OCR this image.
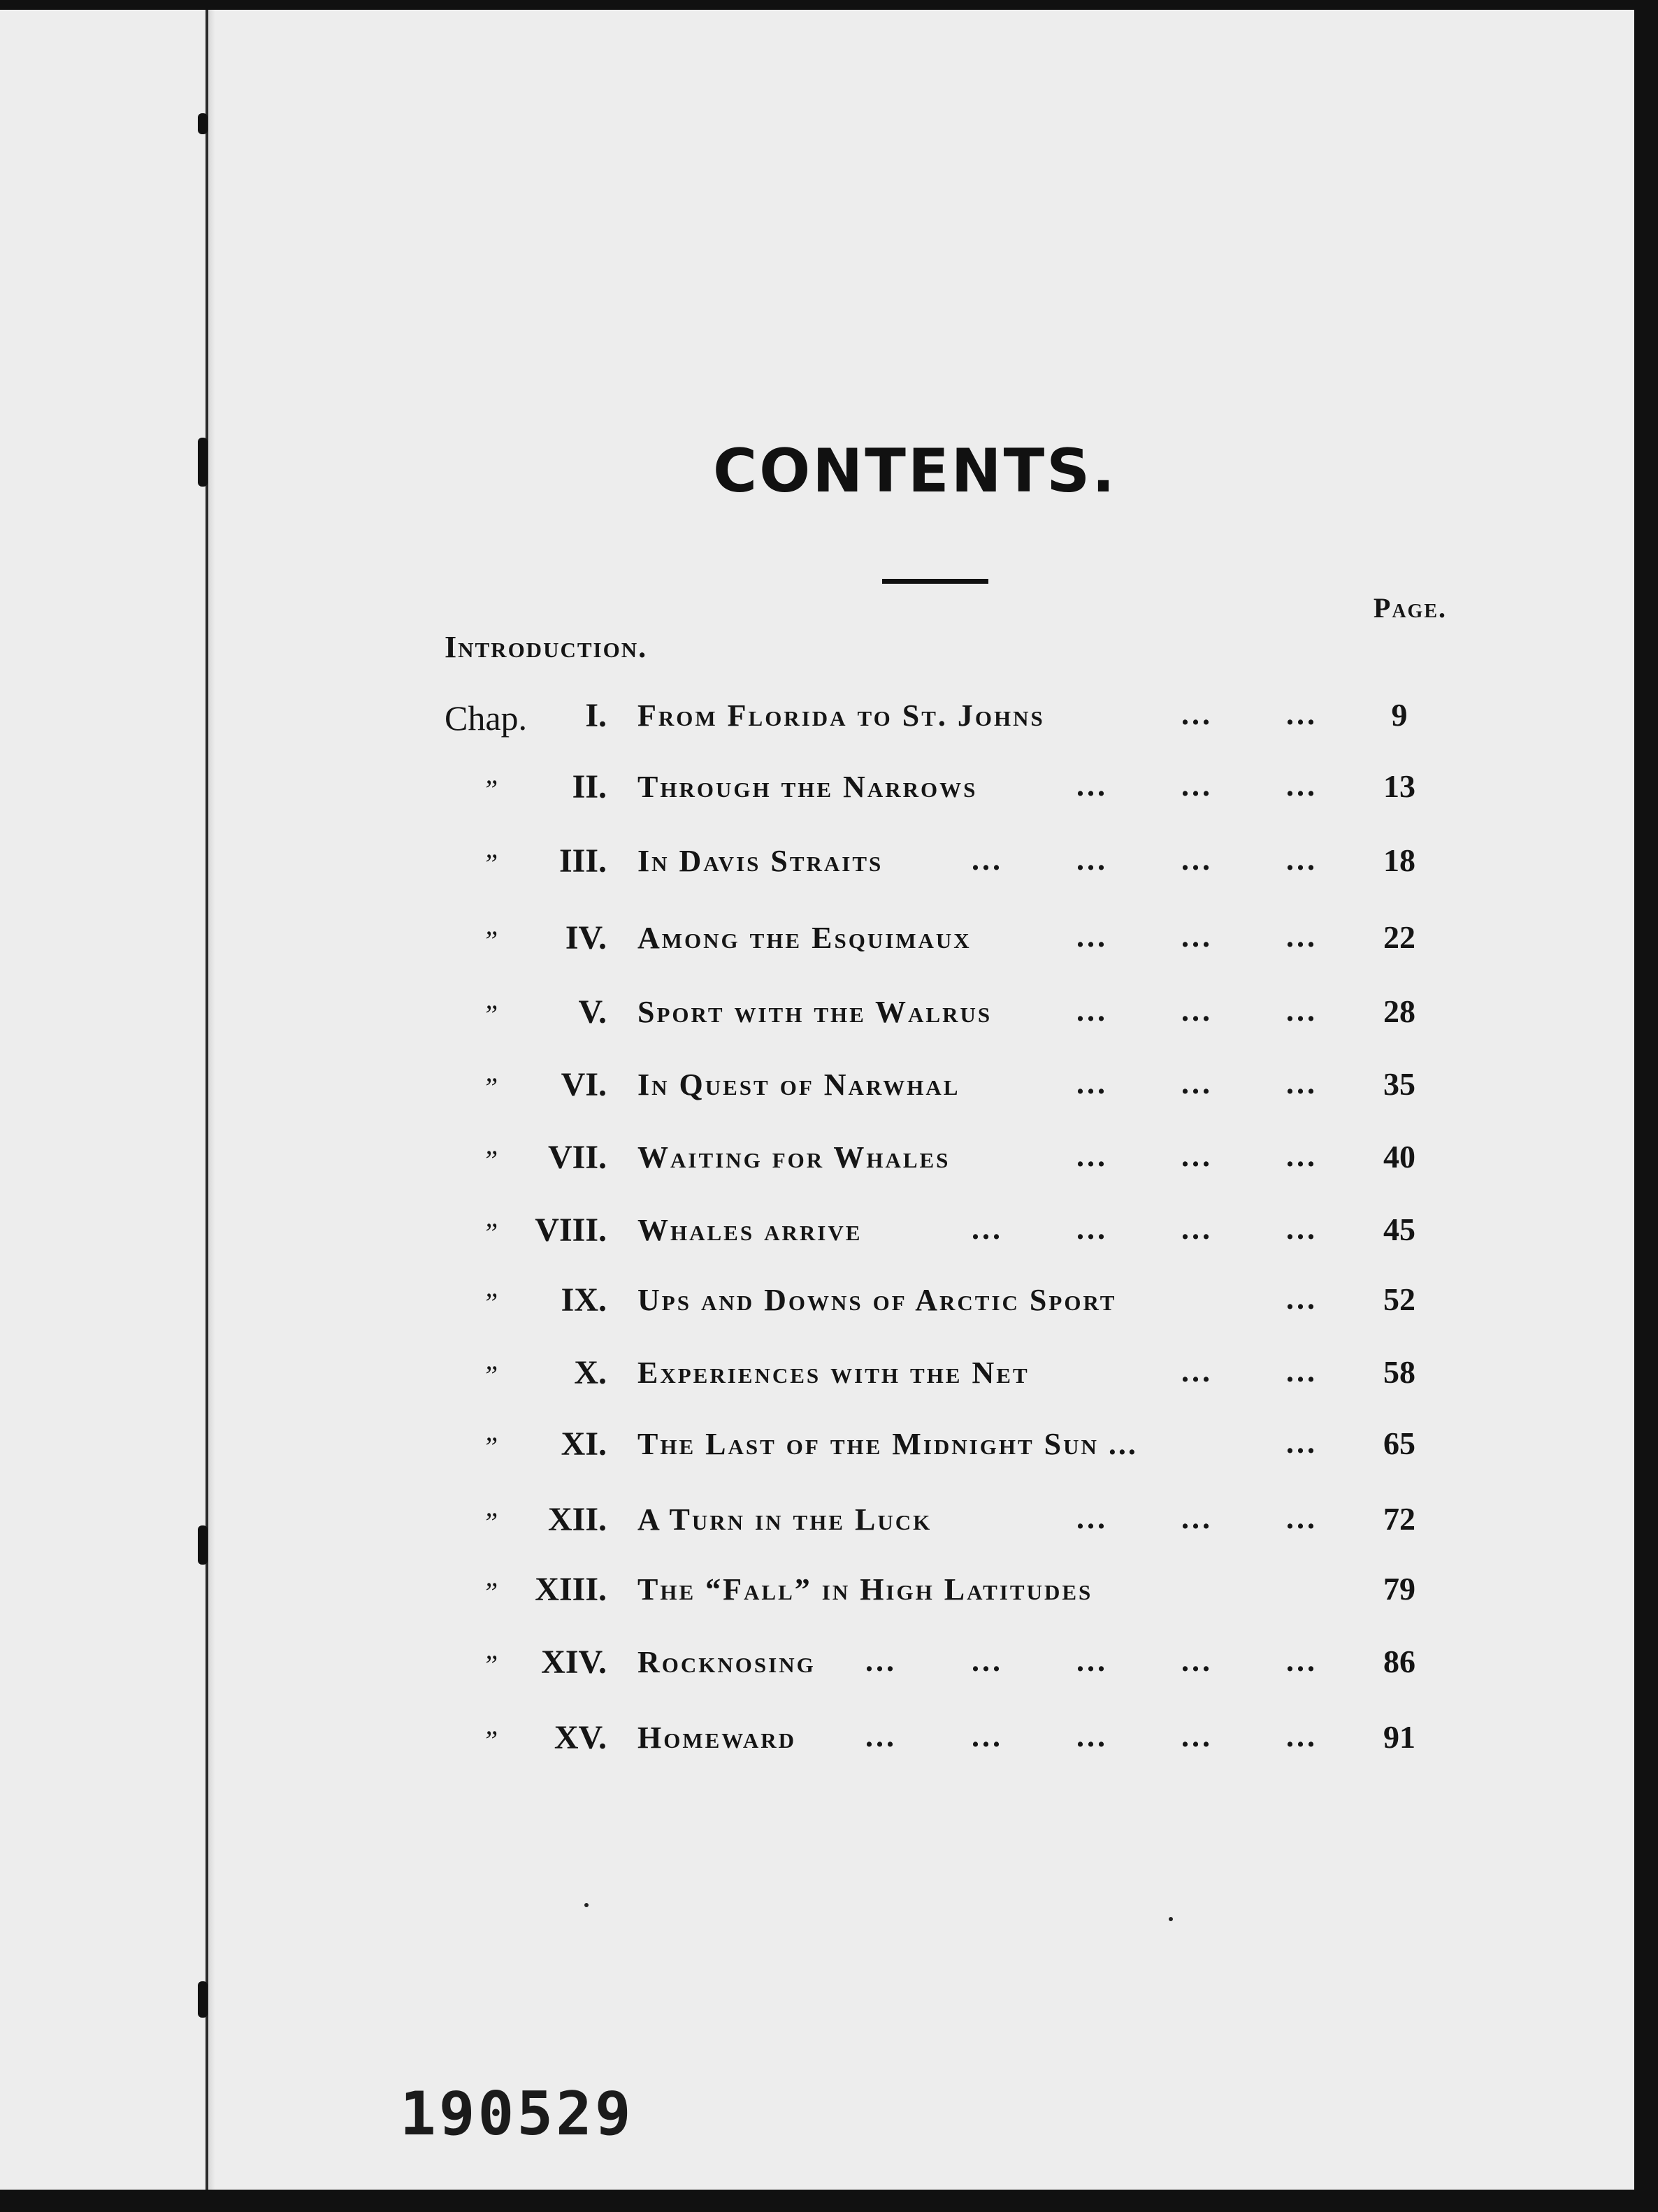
CONTENTS.
Page.
Introduction.
Chap.	I. From Florida to St. Johns	... ...	9
”	II. Through the Narrows	... ... ...	13
”	III. In Davis Straits	... ... ... ...	18
”	IV. Among the Esquimaux	... ... ...	22
”	V. Sport with the Walrus	... ... ...	28
”	VI. In Quest of Narwhal	... ... ...	35
”	VII. Waiting for Whales	... ... ...	40
”	VIII. Whales arrive	... ... ... ...	45
”	IX. Ups and Downs of Arctic Sport	...	52
”	X. Experiences with the Net	... ...	58
”	XI. The Last of the Midnight Sun ...	...	65
”	XII. A Turn in the Luck	... ... ...	72
”	XIII. The “Fall” in High Latitudes	79
”	XIV. Rocknosing ... ... ... ... ...	86
”	XV. Homeward ... ... ... ... ...	91
190529
